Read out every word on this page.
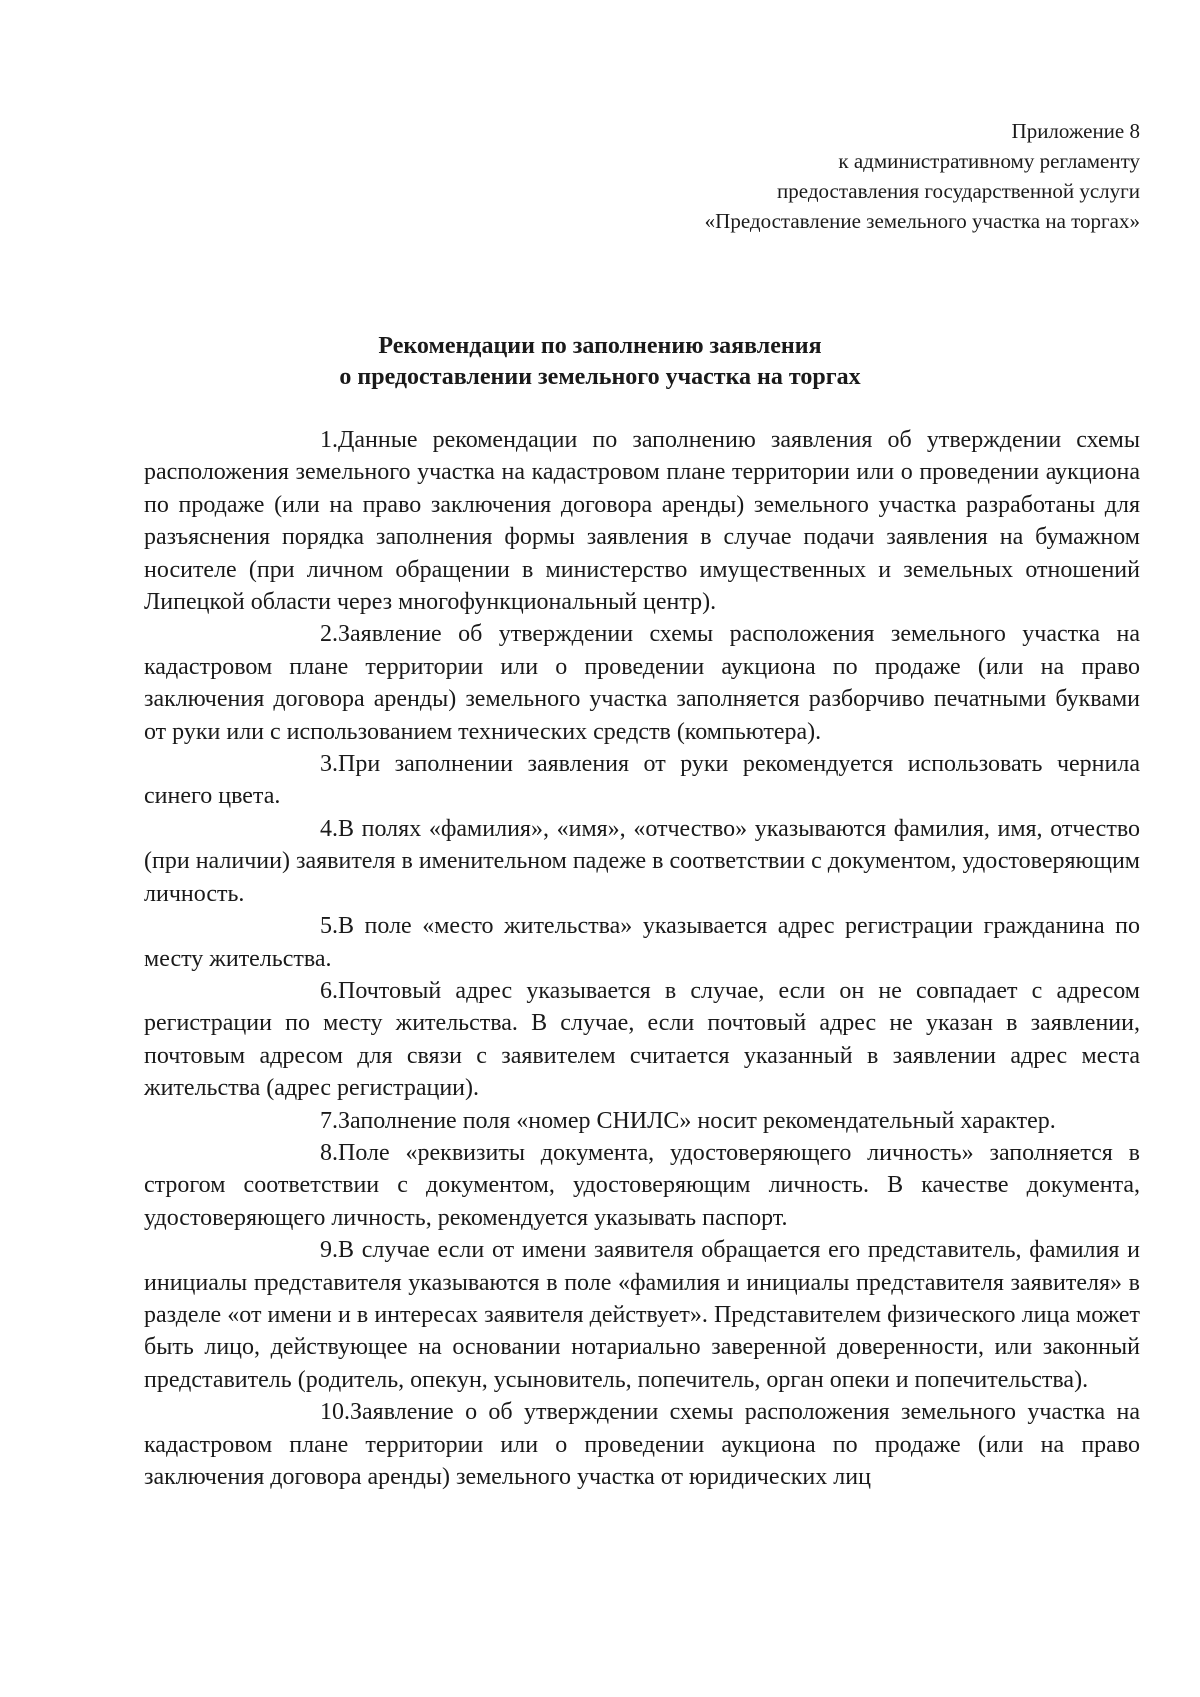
Приложение 8
к административному регламенту
предоставления государственной услуги
«Предоставление земельного участка на торгах»
Рекомендации по заполнению заявления
о предоставлении земельного участка на торгах

1.Данные рекомендации по заполнению заявления об утверждении схемы расположения земельного участка на кадастровом плане территории или о проведении аукциона по продаже (или на право заключения договора аренды) земельного участка разработаны для разъяснения порядка заполнения формы заявления в случае подачи заявления на бумажном носителе (при личном обращении в министерство имущественных и земельных отношений Липецкой области через многофункциональный центр).

2.Заявление об утверждении схемы расположения земельного участка на кадастровом плане территории или о проведении аукциона по продаже (или на право заключения договора аренды) земельного участка заполняется разборчиво печатными буквами от руки или с использованием технических средств (компьютера).

3.При заполнении заявления от руки рекомендуется использовать чернила синего цвета.

4.В полях «фамилия», «имя», «отчество» указываются фамилия, имя, отчество (при наличии) заявителя в именительном падеже в соответствии с документом, удостоверяющим личность.

5.В поле «место жительства» указывается адрес регистрации гражданина по месту жительства.

6.Почтовый адрес указывается в случае, если он не совпадает с адресом регистрации по месту жительства. В случае, если почтовый адрес не указан в заявлении, почтовым адресом для связи с заявителем считается указанный в заявлении адрес места жительства (адрес регистрации).

7.Заполнение поля «номер СНИЛС» носит рекомендательный характер.

8.Поле «реквизиты документа, удостоверяющего личность» заполняется в строгом соответствии с документом, удостоверяющим личность. В качестве документа, удостоверяющего личность, рекомендуется указывать паспорт.

9.В случае если от имени заявителя обращается его представитель, фамилия и инициалы представителя указываются в поле «фамилия и инициалы представителя заявителя» в разделе «от имени и в интересах заявителя действует». Представителем физического лица может быть лицо, действующее на основании нотариально заверенной доверенности, или законный представитель (родитель, опекун, усыновитель, попечитель, орган опеки и попечительства).

10.Заявление о об утверждении схемы расположения земельного участка на кадастровом плане территории или о проведении аукциона по продаже (или на право заключения договора аренды) земельного участка от юридических лиц
